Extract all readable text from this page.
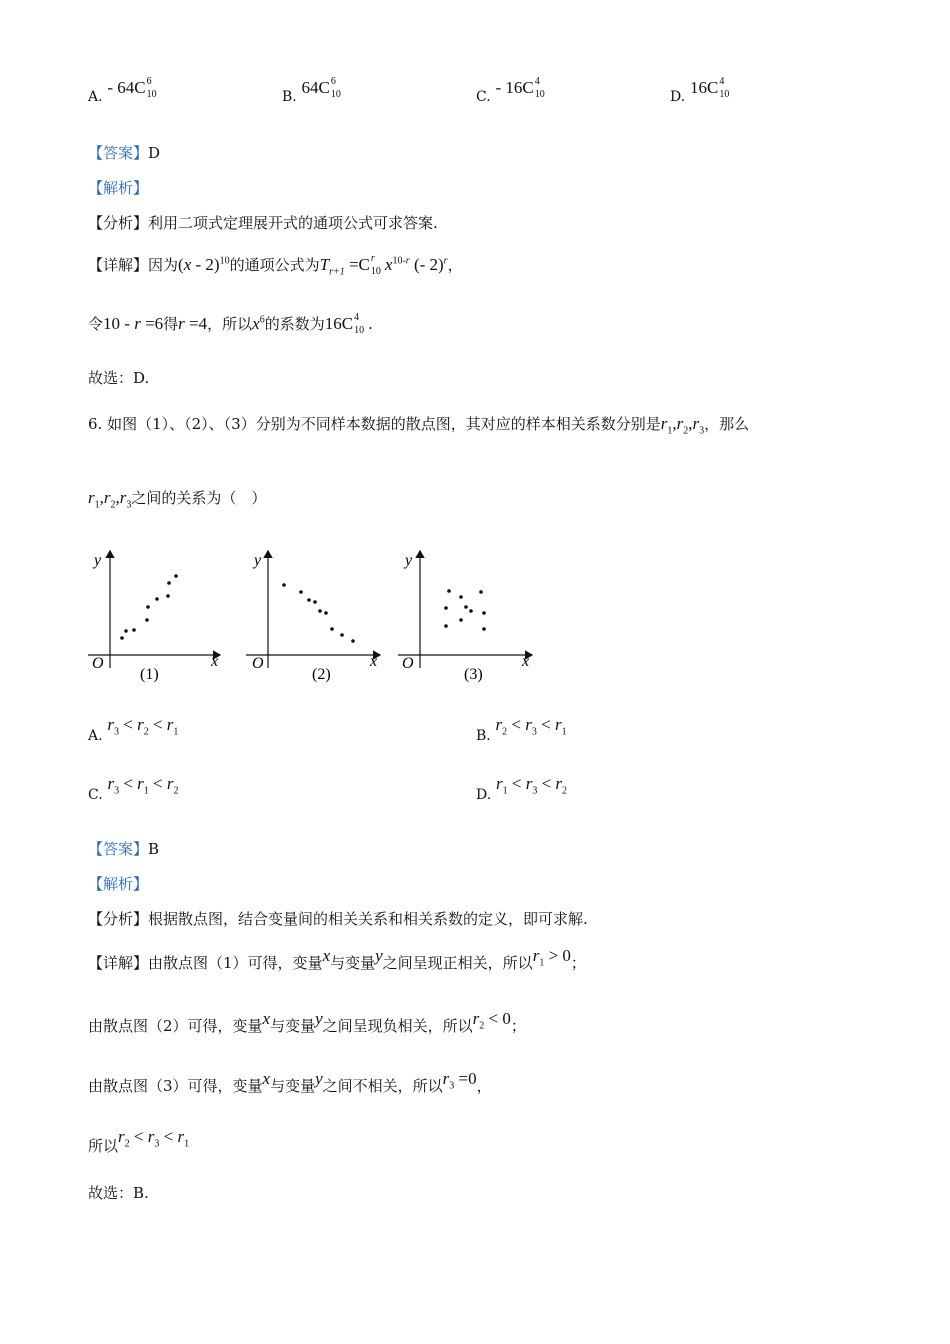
A. - 64C 6
10	B. 64C 6
10	C. - 16C 4
10	D. 16C 4
10
【答案】D
【解析】
【分析】利用二项式定理展开式的通项公式可求答案.
【详解】因为(x - 2)$^{10}$的通项公式为$T_{r+1} =C$ r
10 $x^{10-r}$ (- 2)$^r$，
令10 - r =6得r =4，所以$x^6$的系数为16C 4
10 .
故选：D.
6. 如图（1）、（2）、（3）分别为不同样本数据的散点图，其对应的样本相关系数分别是$r_1,r_2,r_3$，那么
$r_1,r_2,r_3$之间的关系为（　）
y
x
O
(1)
y
x
O
(2)
y
x
O
(3)
A. $r_3 < r_2 < r_1$	B. $r_2 < r_3 < r_1$
C. $r_3 < r_1 < r_2$	D. $r_1 < r_3 < r_2$
【答案】B
【解析】
【分析】根据散点图，结合变量间的相关关系和相关系数的定义，即可求解.
【详解】由散点图（1）可得，变量x与变量y之间呈现正相关，所以$r_1 > 0$；
由散点图（2）可得，变量x与变量y之间呈现负相关，所以$r_2 < 0$；
由散点图（3）可得，变量x与变量y之间不相关，所以$r_3 =0$，
所以$r_2 < r_3 < r_1$
故选：B.
